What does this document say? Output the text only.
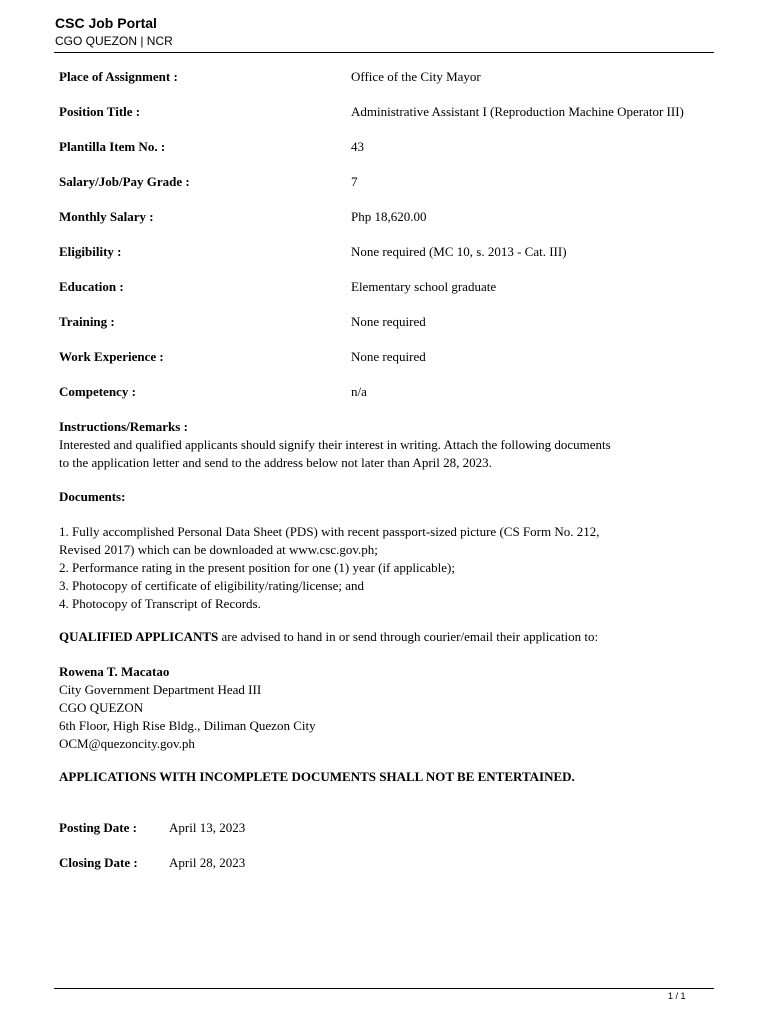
CSC Job Portal
CGO QUEZON | NCR
Place of Assignment :	Office of the City Mayor
Position Title :	Administrative Assistant I (Reproduction Machine Operator III)
Plantilla Item No. :	43
Salary/Job/Pay Grade :	7
Monthly Salary :	Php 18,620.00
Eligibility :	None required (MC 10, s. 2013 - Cat. III)
Education :	Elementary school graduate
Training :	None required
Work Experience :	None required
Competency :	n/a
Instructions/Remarks :
Interested and qualified applicants should signify their interest in writing. Attach the following documents
to the application letter and send to the address below not later than April 28, 2023.
Documents:
1. Fully accomplished Personal Data Sheet (PDS) with recent passport-sized picture (CS Form No. 212,
Revised 2017) which can be downloaded at www.csc.gov.ph;
2. Performance rating in the present position for one (1) year (if applicable);
3. Photocopy of certificate of eligibility/rating/license; and
4. Photocopy of Transcript of Records.
QUALIFIED APPLICANTS are advised to hand in or send through courier/email their application to:
Rowena T. Macatao
City Government Department Head III
CGO QUEZON
6th Floor, High Rise Bldg., Diliman Quezon City
OCM@quezoncity.gov.ph
APPLICATIONS WITH INCOMPLETE DOCUMENTS SHALL NOT BE ENTERTAINED.
Posting Date : April 13, 2023
Closing Date : April 28, 2023
1 / 1
